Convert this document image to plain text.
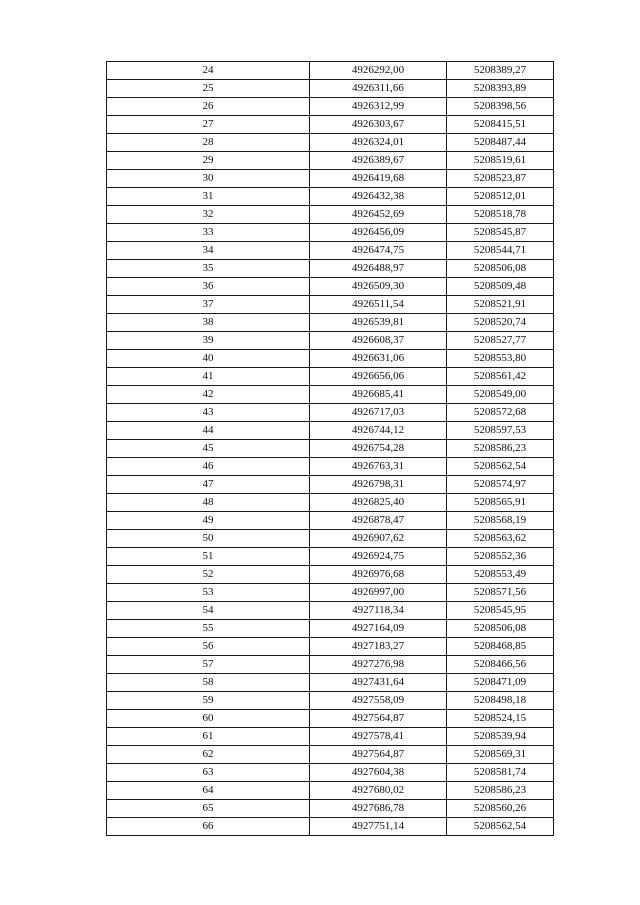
24	4926292,00	5208389,27
25	4926311,66	5208393,89
26	4926312,99	5208398,56
27	4926303,67	5208415,51
28	4926324,01	5208487,44
29	4926389,67	5208519,61
30	4926419,68	5208523,87
31	4926432,38	5208512,01
32	4926452,69	5208518,78
33	4926456,09	5208545,87
34	4926474,75	5208544,71
35	4926488,97	5208506,08
36	4926509,30	5208509,48
37	4926511,54	5208521,91
38	4926539,81	5208520,74
39	4926608,37	5208527,77
40	4926631,06	5208553,80
41	4926656,06	5208561,42
42	4926685,41	5208549,00
43	4926717,03	5208572,68
44	4926744,12	5208597,53
45	4926754,28	5208586,23
46	4926763,31	5208562,54
47	4926798,31	5208574,97
48	4926825,40	5208565,91
49	4926878,47	5208568,19
50	4926907,62	5208563,62
51	4926924,75	5208552,36
52	4926976,68	5208553,49
53	4926997,00	5208571,56
54	4927118,34	5208545,95
55	4927164,09	5208506,08
56	4927183,27	5208468,85
57	4927276,98	5208466,56
58	4927431,64	5208471,09
59	4927558,09	5208498,18
60	4927564,87	5208524,15
61	4927578,41	5208539,94
62	4927564,87	5208569,31
63	4927604,38	5208581,74
64	4927680,02	5208586,23
65	4927686,78	5208560,26
66	4927751,14	5208562,54
